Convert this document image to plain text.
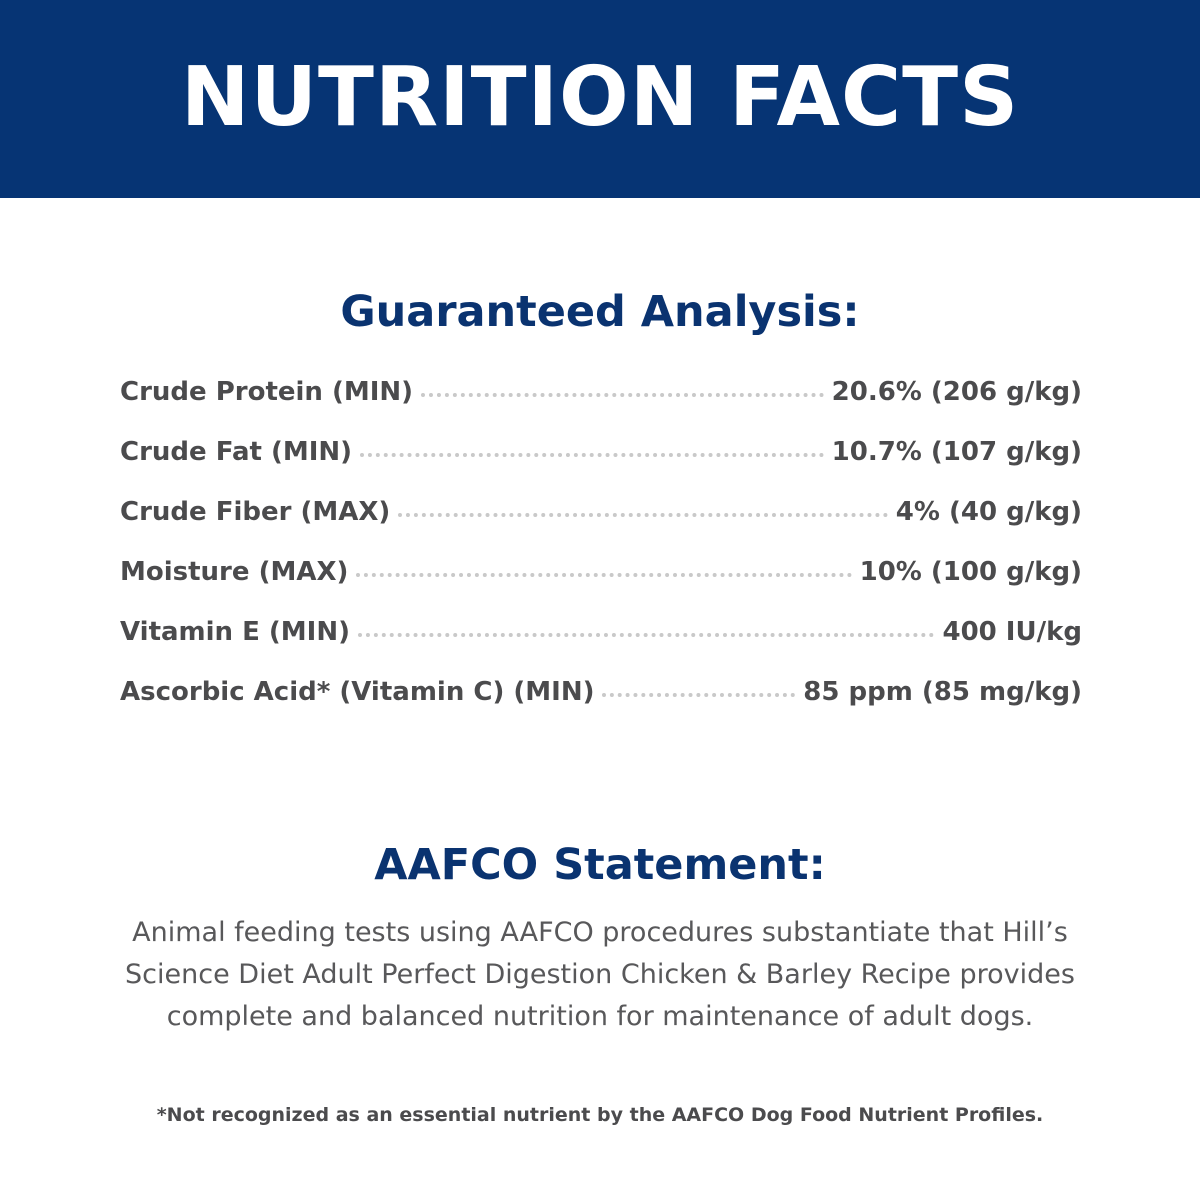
NUTRITION FACTS
Guaranteed Analysis:
Crude Protein (MIN)	20.6% (206 g/kg)
Crude Fat (MIN)	10.7% (107 g/kg)
Crude Fiber (MAX)	4% (40 g/kg)
Moisture (MAX)	10% (100 g/kg)
Vitamin E (MIN)	400 IU/kg
Ascorbic Acid* (Vitamin C) (MIN)	85 ppm (85 mg/kg)
AAFCO Statement:
Animal feeding tests using AAFCO procedures substantiate that Hill’s Science Diet Adult Perfect Digestion Chicken & Barley Recipe provides complete and balanced nutrition for maintenance of adult dogs.
*Not recognized as an essential nutrient by the AAFCO Dog Food Nutrient Profiles.
